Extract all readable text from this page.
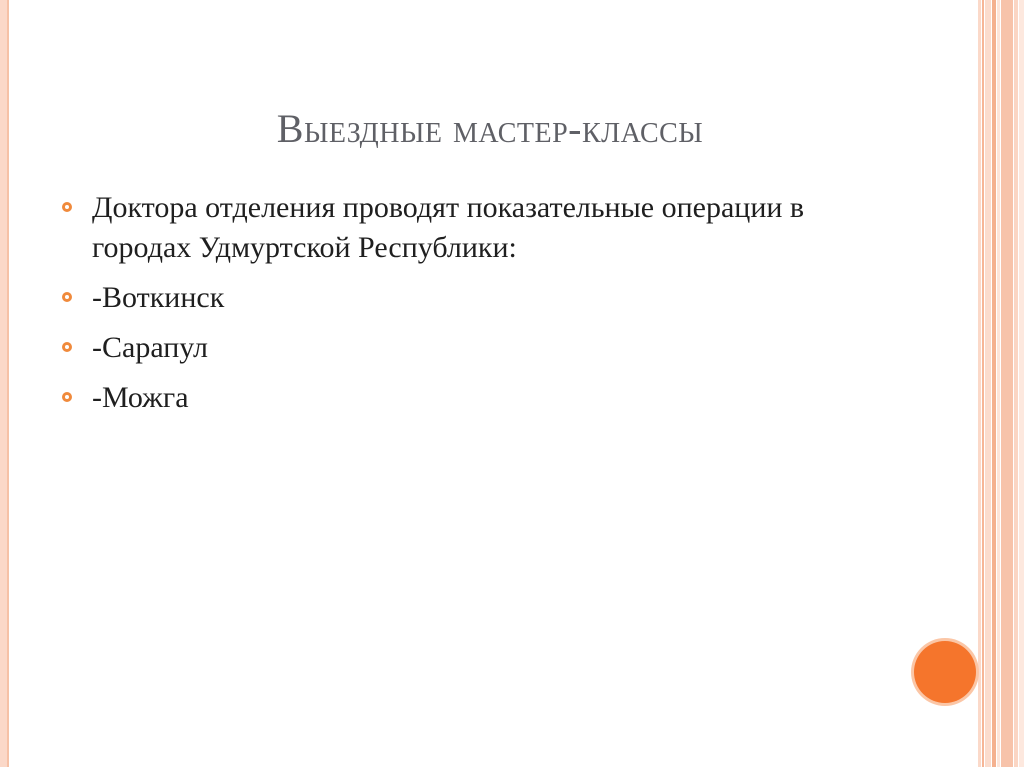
Выездные мастер-классы
Доктора отделения проводят показательные операции в городах Удмуртской Республики:
-Воткинск
-Сарапул
-Можга
